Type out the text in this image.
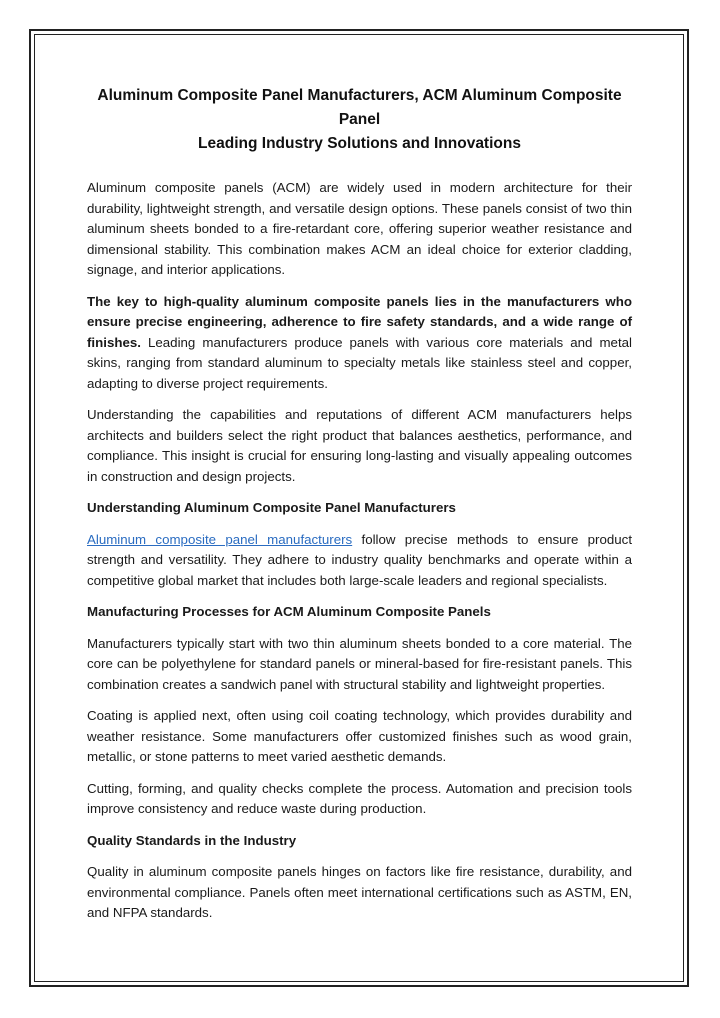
Aluminum Composite Panel Manufacturers, ACM Aluminum Composite Panel
Leading Industry Solutions and Innovations

Aluminum composite panels (ACM) are widely used in modern architecture for their durability, lightweight strength, and versatile design options. These panels consist of two thin aluminum sheets bonded to a fire-retardant core, offering superior weather resistance and dimensional stability. This combination makes ACM an ideal choice for exterior cladding, signage, and interior applications.

The key to high-quality aluminum composite panels lies in the manufacturers who ensure precise engineering, adherence to fire safety standards, and a wide range of finishes. Leading manufacturers produce panels with various core materials and metal skins, ranging from standard aluminum to specialty metals like stainless steel and copper, adapting to diverse project requirements.

Understanding the capabilities and reputations of different ACM manufacturers helps architects and builders select the right product that balances aesthetics, performance, and compliance. This insight is crucial for ensuring long-lasting and visually appealing outcomes in construction and design projects.

Understanding Aluminum Composite Panel Manufacturers

Aluminum composite panel manufacturers follow precise methods to ensure product strength and versatility. They adhere to industry quality benchmarks and operate within a competitive global market that includes both large-scale leaders and regional specialists.

Manufacturing Processes for ACM Aluminum Composite Panels

Manufacturers typically start with two thin aluminum sheets bonded to a core material. The core can be polyethylene for standard panels or mineral-based for fire-resistant panels. This combination creates a sandwich panel with structural stability and lightweight properties.

Coating is applied next, often using coil coating technology, which provides durability and weather resistance. Some manufacturers offer customized finishes such as wood grain, metallic, or stone patterns to meet varied aesthetic demands.

Cutting, forming, and quality checks complete the process. Automation and precision tools improve consistency and reduce waste during production.

Quality Standards in the Industry

Quality in aluminum composite panels hinges on factors like fire resistance, durability, and environmental compliance. Panels often meet international certifications such as ASTM, EN, and NFPA standards.
